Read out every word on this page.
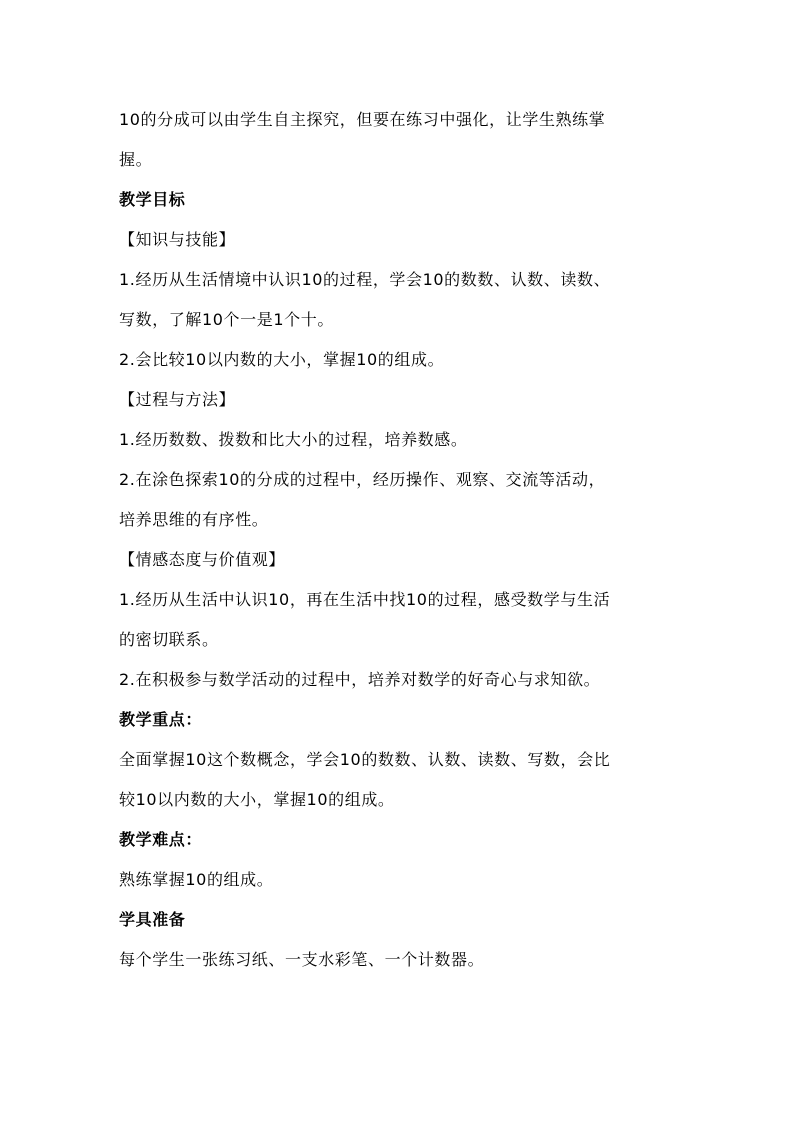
10的分成可以由学生自主探究，但要在练习中强化，让学生熟练掌
握。
教学目标
【知识与技能】
1.经历从生活情境中认识10的过程，学会10的数数、认数、读数、
写数，了解10个一是1个十。
2.会比较10以内数的大小，掌握10的组成。
【过程与方法】
1.经历数数、拨数和比大小的过程，培养数感。
2.在涂色探索10的分成的过程中，经历操作、观察、交流等活动，
培养思维的有序性。
【情感态度与价值观】
1.经历从生活中认识10，再在生活中找10的过程，感受数学与生活
的密切联系。
2.在积极参与数学活动的过程中，培养对数学的好奇心与求知欲。
教学重点：
全面掌握10这个数概念，学会10的数数、认数、读数、写数，会比
较10以内数的大小，掌握10的组成。
教学难点：
熟练掌握10的组成。
学具准备
每个学生一张练习纸、一支水彩笔、一个计数器。
